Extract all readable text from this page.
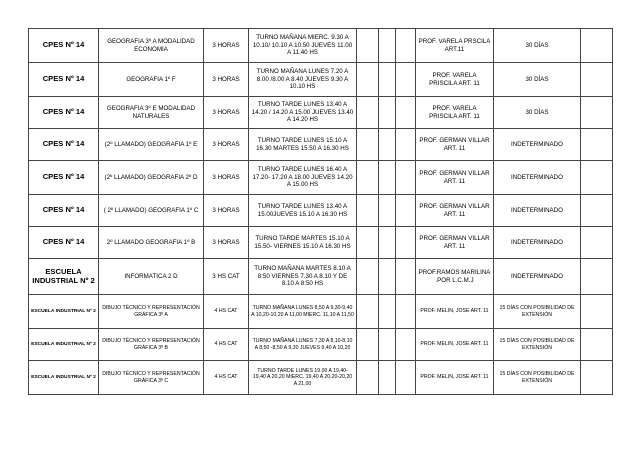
CPES Nº 14	GEOGRAFIA 3º A MODALIDAD ECONOMIA	3 HORAS	TURNO MAÑANA MIERC. 9.30 A 10.10/ 10.10 A 10.50 JUEVES 11.00 A 11.40 HS				PROF. VARELA PRSCILA ART.11	30 DÍAS	
CPES Nº 14	GEOGRAFIA 1º F	3 HORAS	TURNO MAÑANA LUNES 7.20 A 8.00 /8.00 A 8.40 JUEVES 9.30 A 10.10 HS				PROF. VARELA PRISCILA ART. 11	30 DÍAS	
CPES Nº 14	GEOGRAFIA 3º E MODALIDAD NATURALES	3 HORAS	TURNO TARDE LUNES 13.40 A 14.20 / 14.20 A 15.00 JUEVES 13.40 A 14.20 HS				PROF. VARELA PRISCILA ART. 11	30 DÍAS	
CPES Nº 14	(2º LLAMADO) GEOGRAFIA 1º E	3 HORAS	TURNO TARDE LUNES 15.10 A 16.30 MARTES 15.50 A 16.30 HS				PROF. GERMAN VILLAR ART. 11	INDETERMINADO	
CPES Nº 14	(2º LLAMADO) GEOGRAFIA 2º D	3 HORAS	TURNO TARDE LUNES 16.40 A 17.20- 17.20 A 18.00 JUEVES 14.20 A 15.00 HS				PROF. GERMAN VILLAR ART. 11	INDETERMINADO	
CPES Nº 14	( 2º LLAMADO) GEOGRAFIA 1º C	3 HORAS	TURNO TARDE LUNES 13.40 A 15.00JUEVES 15.10 A 16.30 HS				PROF. GERMAN VILLAR ART. 11	INDETERMINADO	
CPES Nº 14	2º LLAMADO GEOGRAFIA 1º B	3 HORAS	TURNO TARDE MARTES 15.10 A 15.50- VIERNES 15.10 A 16.30 HS				PROF. GERMAN VILLAR ART. 11	INDETERMINADO	
ESCUELA INDUSTRIAL Nº 2	INFORMATICA 2 D	3 HS CAT	TURNO MAÑANA MARTES 8.10 A 8:50 VIERNES 7.30 A 8.10 Y DE 8.10 A 8:50 HS				PROF.RAMOS MARILINA .POR L.C.M.J	INDETERMINADO	
ESCUELA INDUSTRIAL Nº 2	DIBUJO TÉCNICO Y REPRESENTACIÓN GRÁFICA 3º A	4 HS CAT	TURNO MAÑANA LUNES 8,50 A 9,30-9,40 A 10,20-10,20 A 11,00 MIERC. 11,10 A 11,50				PROF. MELIN, JOSE ART. 11	15 DÍAS CON POSIBILIDAD DE EXTENSIÓN	
ESCUELA INDUSTRIAL Nº 2	DIBUJO TÉCNICO Y REPRESENTACIÓN GRÁFICA 3º B	4 HS CAT	TURNO MAÑANA LUNES 7,30 A 8,10-8,10 A 8,50 -8,50 A 9,30 JUEVES 9,40 A 10,20				PROF. MELIN, JOSE ART. 11	15 DÍAS CON POSIBILIDAD DE EXTENSIÓN	
ESCUELA INDUSTRIAL Nº 2	DIBUJO TÉCNICO Y REPRESENTACIÓN GRÁFICA 3º C	4 HS CAT	TURNO TARDE LUNES 19.00 A 19,40-19,40 A 20,20 MIERC. 19,40 A 20,20-20,20 A 21,00				PROF. MELIN, JOSE ART. 11	15 DÍAS CON POSIBILIDAD DE EXTENSIÓN	
